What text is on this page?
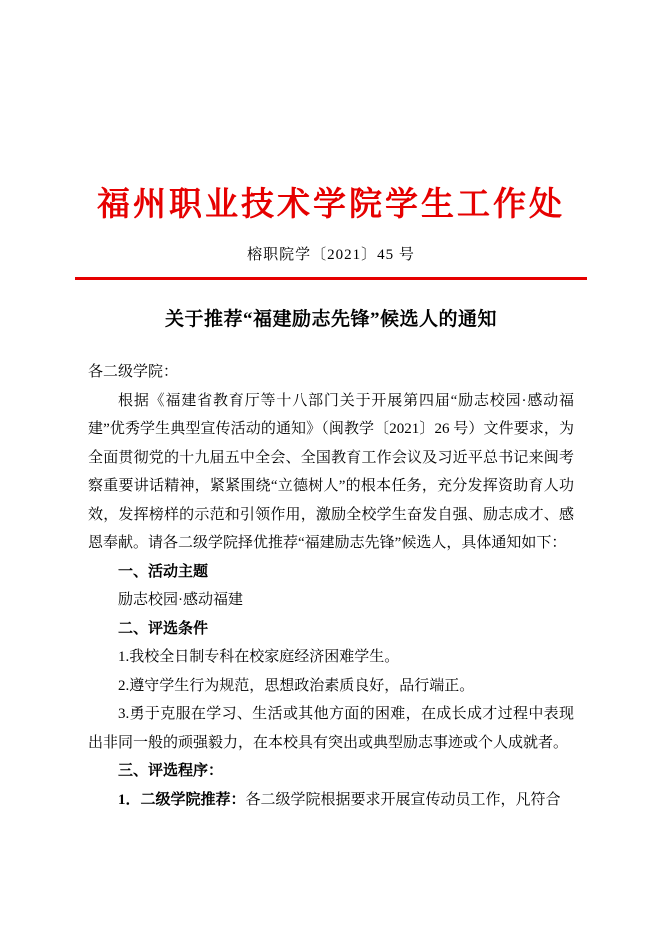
福州职业技术学院学生工作处
榕职院学〔2021〕45 号
关于推荐“福建励志先锋”候选人的通知

各二级学院：

根据《福建省教育厅等十八部门关于开展第四届“励志校园·感动福建”优秀学生典型宣传活动的通知》（闽教学〔2021〕26 号）文件要求，为全面贯彻党的十九届五中全会、全国教育工作会议及习近平总书记来闽考察重要讲话精神，紧紧围绕“立德树人”的根本任务，充分发挥资助育人功效，发挥榜样的示范和引领作用，激励全校学生奋发自强、励志成才、感恩奉献。请各二级学院择优推荐“福建励志先锋”候选人，具体通知如下：

一、活动主题

励志校园·感动福建

二、评选条件

1.我校全日制专科在校家庭经济困难学生。

2.遵守学生行为规范，思想政治素质良好，品行端正。

3.勇于克服在学习、生活或其他方面的困难，在成长成才过程中表现出非同一般的顽强毅力，在本校具有突出或典型励志事迹或个人成就者。

三、评选程序：

1．二级学院推荐：各二级学院根据要求开展宣传动员工作，凡符合
